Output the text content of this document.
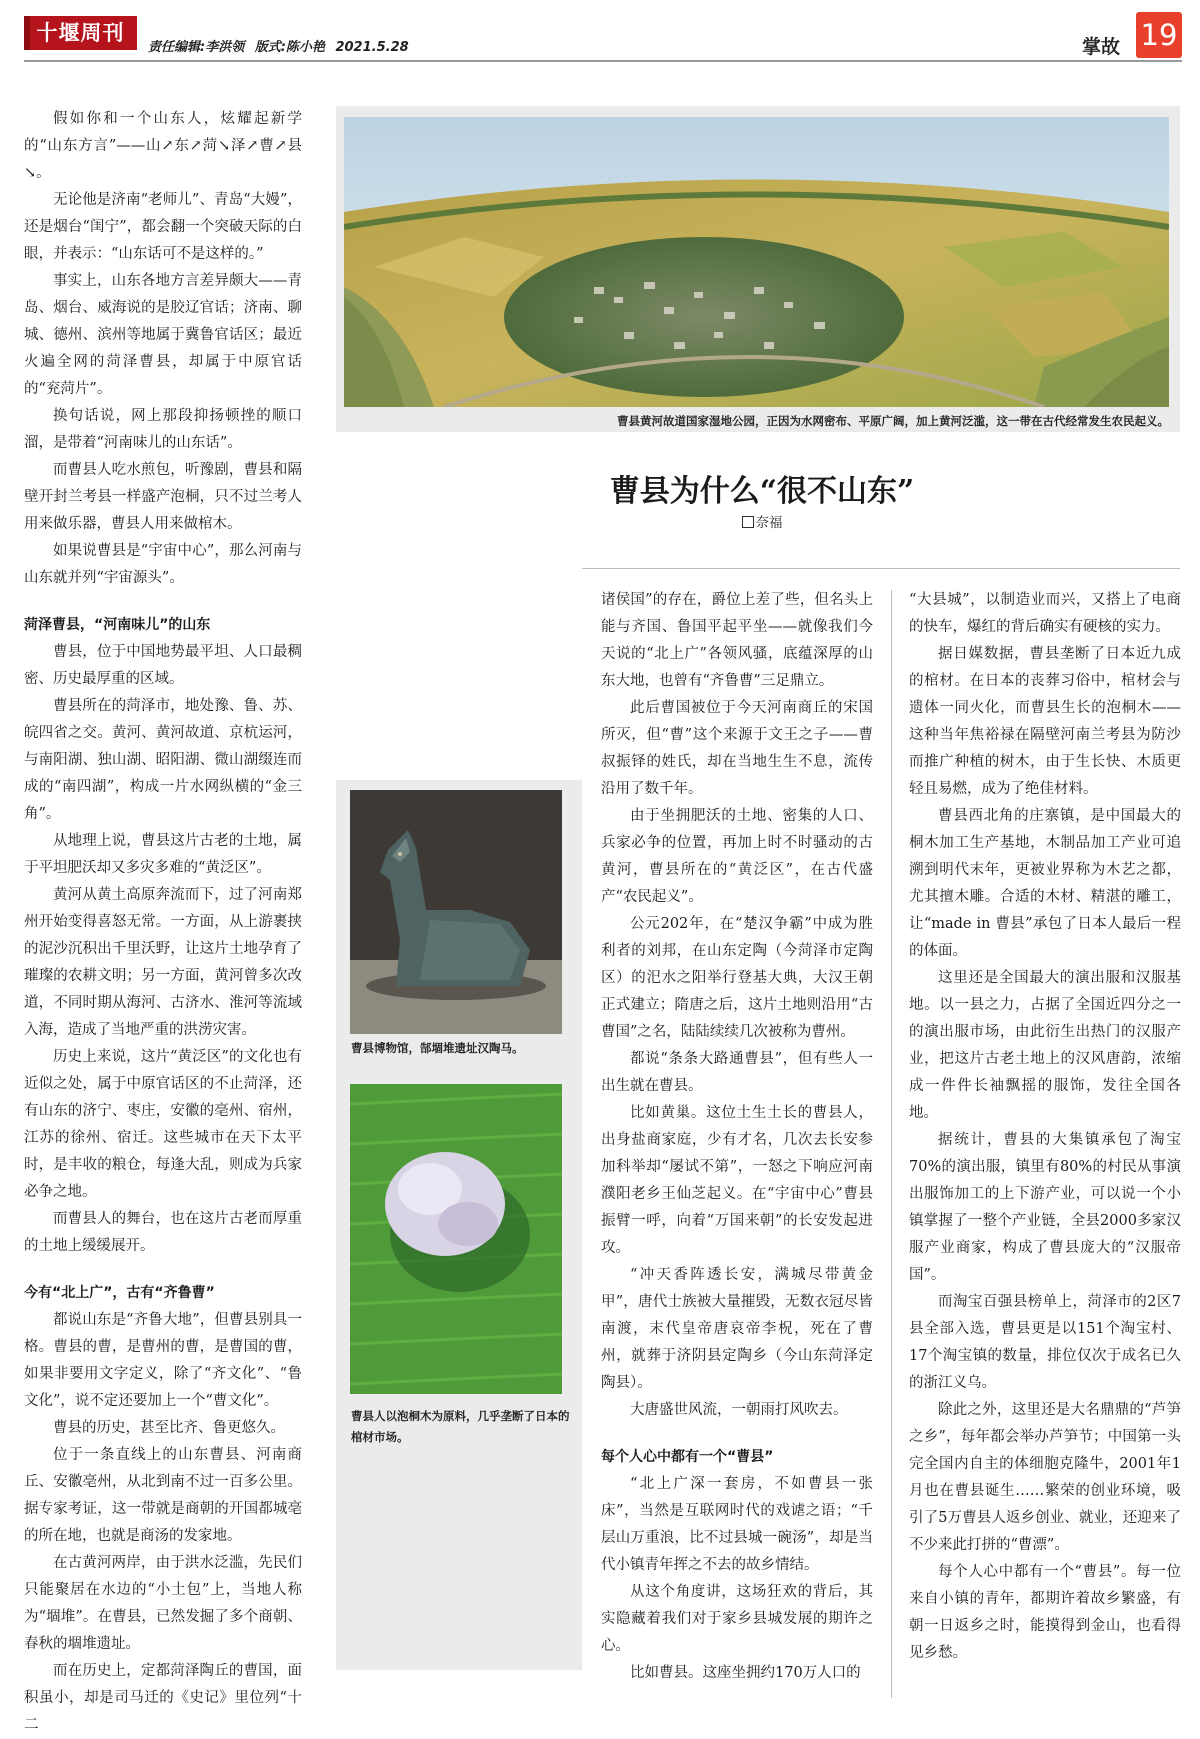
十堰周刊
责任编辑:李洪领 版式:陈小艳 2021.5.28	掌故 19
曹县黄河故道国家湿地公园，正因为水网密布、平原广阔，加上黄河泛滥，这一带在古代经常发生农民起义。
曹县为什么“很不山东”
奈福
曹县博物馆，郜堌堆遗址汉陶马。
曹县人以泡桐木为原料，几乎垄断了日本的棺材市场。

假如你和一个山东人，炫耀起新学的“山东方言”——山↗东↗菏↘泽↗曹↗县↘。

无论他是济南“老师儿”、青岛“大嫚”，还是烟台“闺宁”，都会翻一个突破天际的白眼，并表示：“山东话可不是这样的。”

事实上，山东各地方言差异颇大——青岛、烟台、威海说的是胶辽官话；济南、聊城、德州、滨州等地属于冀鲁官话区；最近火遍全网的菏泽曹县，却属于中原官话的“兖菏片”。

换句话说，网上那段抑扬顿挫的顺口溜，是带着“河南味儿的山东话”。

而曹县人吃水煎包，听豫剧，曹县和隔壁开封兰考县一样盛产泡桐，只不过兰考人用来做乐器，曹县人用来做棺木。

如果说曹县是“宇宙中心”，那么河南与山东就并列“宇宙源头”。

菏泽曹县，“河南味儿”的山东

曹县，位于中国地势最平坦、人口最稠密、历史最厚重的区域。

曹县所在的菏泽市，地处豫、鲁、苏、皖四省之交。黄河、黄河故道、京杭运河，与南阳湖、独山湖、昭阳湖、微山湖缀连而成的“南四湖”，构成一片水网纵横的“金三角”。

从地理上说，曹县这片古老的土地，属于平坦肥沃却又多灾多难的“黄泛区”。

黄河从黄土高原奔流而下，过了河南郑州开始变得喜怒无常。一方面，从上游裹挟的泥沙沉积出千里沃野，让这片土地孕育了璀璨的农耕文明；另一方面，黄河曾多次改道，不同时期从海河、古济水、淮河等流域入海，造成了当地严重的洪涝灾害。

历史上来说，这片“黄泛区”的文化也有近似之处，属于中原官话区的不止菏泽，还有山东的济宁、枣庄，安徽的亳州、宿州，江苏的徐州、宿迁。这些城市在天下太平时，是丰收的粮仓，每逢大乱，则成为兵家必争之地。

而曹县人的舞台，也在这片古老而厚重的土地上缓缓展开。

今有“北上广”，古有“齐鲁曹”

都说山东是“齐鲁大地”，但曹县别具一格。曹县的曹，是曹州的曹，是曹国的曹，如果非要用文字定义，除了“齐文化”、“鲁文化”，说不定还要加上一个“曹文化”。

曹县的历史，甚至比齐、鲁更悠久。

位于一条直线上的山东曹县、河南商丘、安徽亳州，从北到南不过一百多公里。据专家考证，这一带就是商朝的开国都城亳的所在地，也就是商汤的发家地。

在古黄河两岸，由于洪水泛滥，先民们只能聚居在水边的“小土包”上，当地人称为“堌堆”。在曹县，已然发掘了多个商朝、春秋的堌堆遗址。

而在历史上，定都菏泽陶丘的曹国，面积虽小，却是司马迁的《史记》里位列“十二

诸侯国”的存在，爵位上差了些，但名头上能与齐国、鲁国平起平坐——就像我们今天说的“北上广”各领风骚，底蕴深厚的山东大地，也曾有“齐鲁曹”三足鼎立。

此后曹国被位于今天河南商丘的宋国所灭，但“曹”这个来源于文王之子——曹叔振铎的姓氏，却在当地生生不息，流传沿用了数千年。

由于坐拥肥沃的土地、密集的人口、兵家必争的位置，再加上时不时骚动的古黄河，曹县所在的“黄泛区”，在古代盛产“农民起义”。

公元202年，在“楚汉争霸”中成为胜利者的刘邦，在山东定陶（今菏泽市定陶区）的汜水之阳举行登基大典，大汉王朝正式建立；隋唐之后，这片土地则沿用“古曹国”之名，陆陆续续几次被称为曹州。

都说“条条大路通曹县”，但有些人一出生就在曹县。

比如黄巢。这位土生土长的曹县人，出身盐商家庭，少有才名，几次去长安参加科举却“屡试不第”，一怒之下响应河南濮阳老乡王仙芝起义。在“宇宙中心”曹县振臂一呼，向着“万国来朝”的长安发起进攻。

“冲天香阵透长安，满城尽带黄金甲”，唐代士族被大量摧毁，无数衣冠尽皆南渡，末代皇帝唐哀帝李柷，死在了曹州，就葬于济阴县定陶乡（今山东菏泽定陶县）。

大唐盛世风流，一朝雨打风吹去。

每个人心中都有一个“曹县”

“北上广深一套房，不如曹县一张床”，当然是互联网时代的戏谑之语；“千层山万重浪，比不过县城一碗汤”，却是当代小镇青年挥之不去的故乡情结。

从这个角度讲，这场狂欢的背后，其实隐藏着我们对于家乡县城发展的期许之心。

比如曹县。这座坐拥约170万人口的

“大县城”，以制造业而兴，又搭上了电商的快车，爆红的背后确实有硬核的实力。

据日媒数据，曹县垄断了日本近九成的棺材。在日本的丧葬习俗中，棺材会与遗体一同火化，而曹县生长的泡桐木——这种当年焦裕禄在隔壁河南兰考县为防沙而推广种植的树木，由于生长快、木质更轻且易燃，成为了绝佳材料。

曹县西北角的庄寨镇，是中国最大的桐木加工生产基地，木制品加工产业可追溯到明代末年，更被业界称为木艺之都，尤其擅木雕。合适的木材、精湛的雕工，让“made in 曹县”承包了日本人最后一程的体面。

这里还是全国最大的演出服和汉服基地。以一县之力，占据了全国近四分之一的演出服市场，由此衍生出热门的汉服产业，把这片古老土地上的汉风唐韵，浓缩成一件件长袖飘摇的服饰，发往全国各地。

据统计，曹县的大集镇承包了淘宝70%的演出服，镇里有80%的村民从事演出服饰加工的上下游产业，可以说一个小镇掌握了一整个产业链，全县2000多家汉服产业商家，构成了曹县庞大的“汉服帝国”。

而淘宝百强县榜单上，菏泽市的2区7县全部入选，曹县更是以151个淘宝村、17个淘宝镇的数量，排位仅次于成名已久的浙江义乌。

除此之外，这里还是大名鼎鼎的“芦笋之乡”，每年都会举办芦笋节；中国第一头完全国内自主的体细胞克隆牛，2001年1月也在曹县诞生……繁荣的创业环境，吸引了5万曹县人返乡创业、就业，还迎来了不少来此打拼的“曹漂”。

每个人心中都有一个“曹县”。每一位来自小镇的青年，都期许着故乡繁盛，有朝一日返乡之时，能摸得到金山，也看得见乡愁。
